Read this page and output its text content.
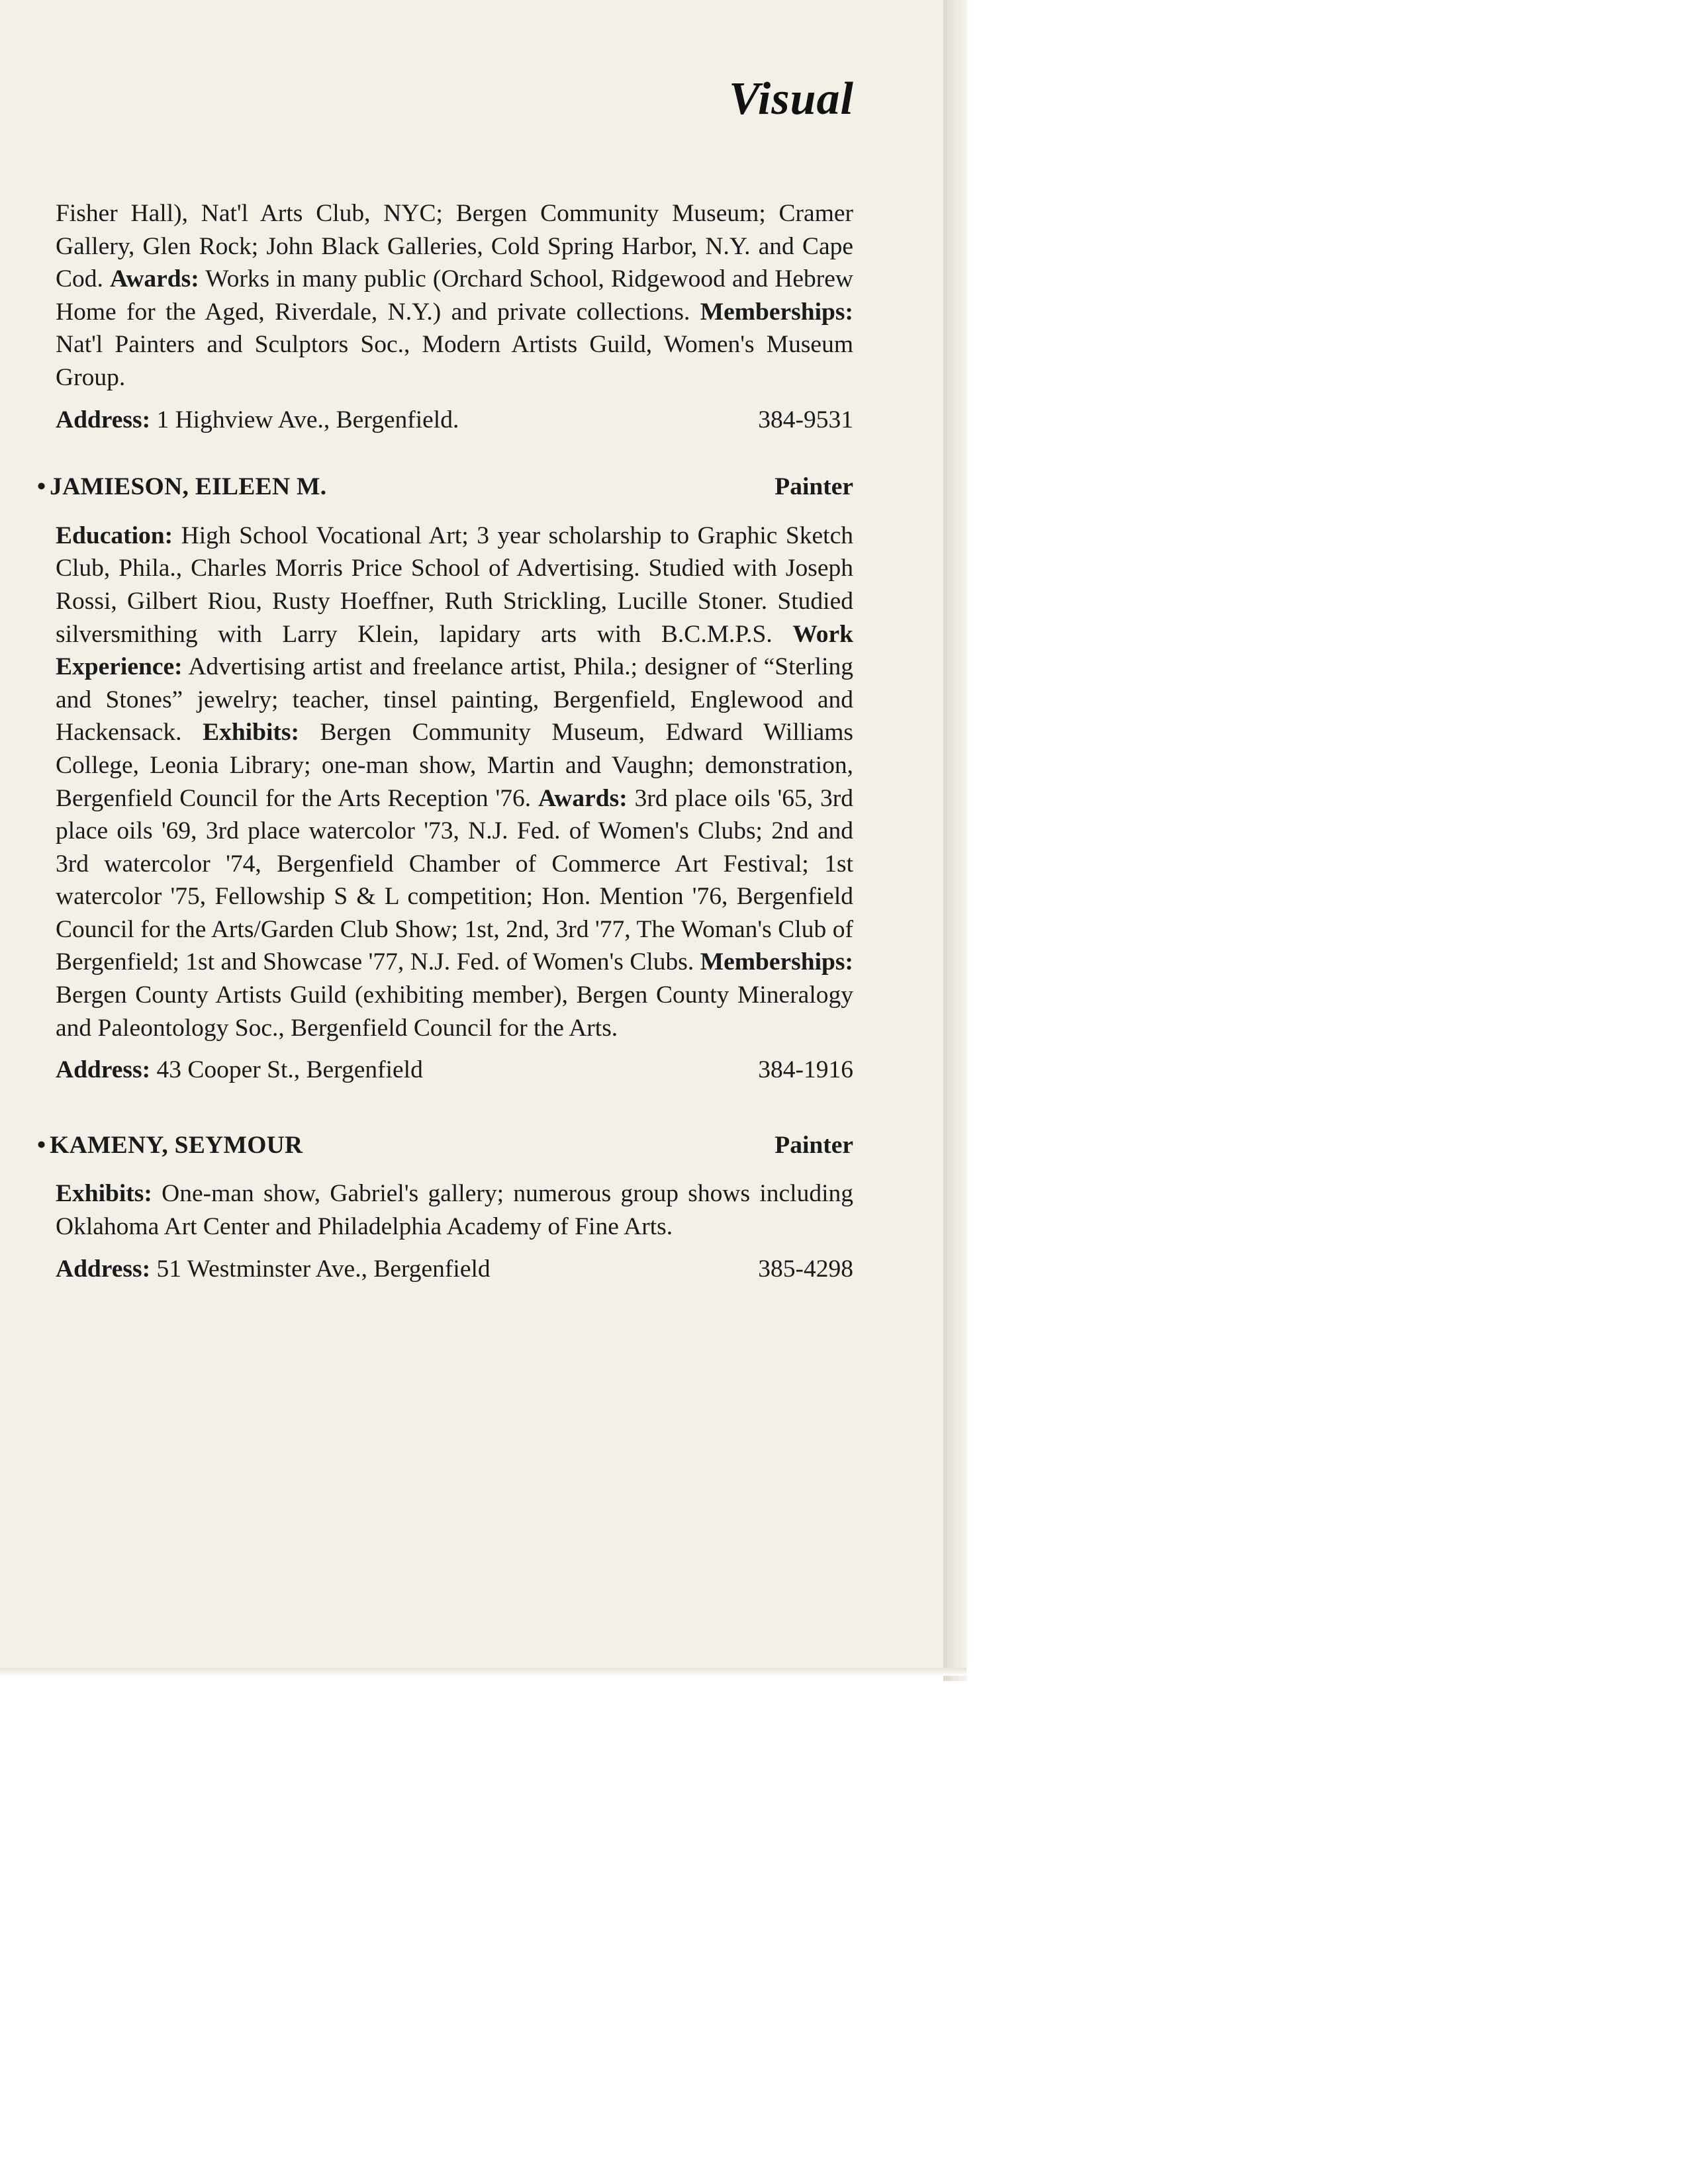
Visual

Fisher Hall), Nat'l Arts Club, NYC; Bergen Community Museum; Cramer Gallery, Glen Rock; John Black Galleries, Cold Spring Harbor, N.Y. and Cape Cod. Awards: Works in many public (Orchard School, Ridgewood and Hebrew Home for the Aged, Riverdale, N.Y.) and private collections. Memberships: Nat'l Painters and Sculptors Soc., Modern Artists Guild, Women's Museum Group.

Address: 1 Highview Ave., Bergenfield.	384-9531
• JAMIESON, EILEEN M.	Painter

Education: High School Vocational Art; 3 year scholarship to Graphic Sketch Club, Phila., Charles Morris Price School of Advertising. Studied with Joseph Rossi, Gilbert Riou, Rusty Hoeffner, Ruth Strickling, Lucille Stoner. Studied silversmithing with Larry Klein, lapidary arts with B.C.M.P.S. Work Experience: Advertising artist and freelance artist, Phila.; designer of “Sterling and Stones” jewelry; teacher, tinsel painting, Bergenfield, Englewood and Hackensack. Exhibits: Bergen Community Museum, Edward Williams College, Leonia Library; one-man show, Martin and Vaughn; demonstration, Bergenfield Council for the Arts Reception '76. Awards: 3rd place oils '65, 3rd place oils '69, 3rd place watercolor '73, N.J. Fed. of Women's Clubs; 2nd and 3rd watercolor '74, Bergenfield Chamber of Commerce Art Festival; 1st watercolor '75, Fellowship S & L competition; Hon. Mention '76, Bergenfield Council for the Arts/Garden Club Show; 1st, 2nd, 3rd '77, The Woman's Club of Bergenfield; 1st and Showcase '77, N.J. Fed. of Women's Clubs. Memberships: Bergen County Artists Guild (exhibiting member), Bergen County Mineralogy and Paleontology Soc., Bergenfield Council for the Arts.

Address: 43 Cooper St., Bergenfield	384-1916
• KAMENY, SEYMOUR	Painter

Exhibits: One-man show, Gabriel's gallery; numerous group shows including Oklahoma Art Center and Philadelphia Academy of Fine Arts.

Address: 51 Westminster Ave., Bergenfield	385-4298
